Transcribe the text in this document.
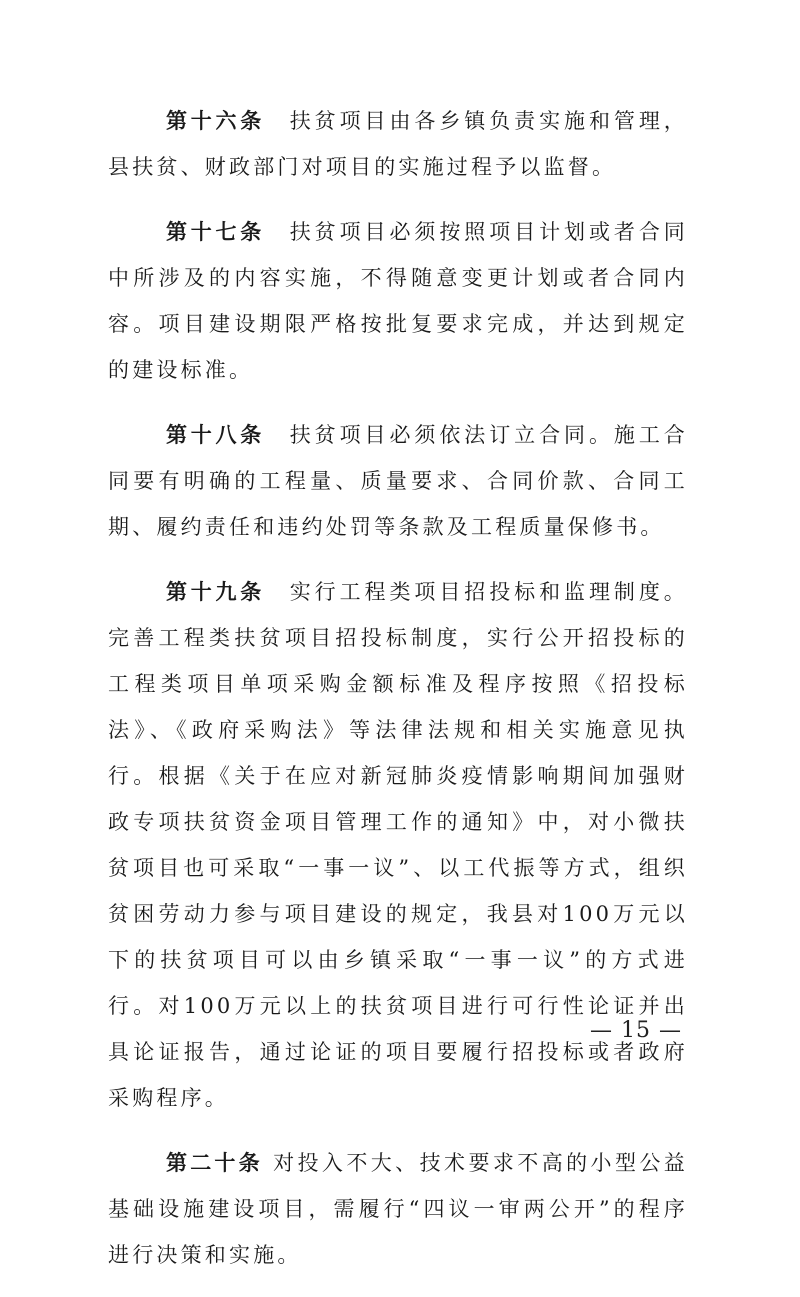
第十六条 扶贫项目由各乡镇负责实施和管理，县扶贫、财政部门对项目的实施过程予以监督。

第十七条 扶贫项目必须按照项目计划或者合同中所涉及的内容实施，不得随意变更计划或者合同内容。项目建设期限严格按批复要求完成，并达到规定的建设标准。

第十八条 扶贫项目必须依法订立合同。施工合同要有明确的工程量、质量要求、合同价款、合同工期、履约责任和违约处罚等条款及工程质量保修书。

第十九条 实行工程类项目招投标和监理制度。完善工程类扶贫项目招投标制度，实行公开招投标的工程类项目单项采购金额标准及程序按照《招投标法》、《政府采购法》等法律法规和相关实施意见执行。根据《关于在应对新冠肺炎疫情影响期间加强财政专项扶贫资金项目管理工作的通知》中，对小微扶贫项目也可采取“一事一议”、以工代振等方式，组织贫困劳动力参与项目建设的规定，我县对100万元以下的扶贫项目可以由乡镇采取“一事一议”的方式进行。对100万元以上的扶贫项目进行可行性论证并出具论证报告，通过论证的项目要履行招投标或者政府采购程序。

第二十条 对投入不大、技术要求不高的小型公益基础设施建设项目，需履行“四议一审两公开”的程序进行决策和实施。

— 15 —
